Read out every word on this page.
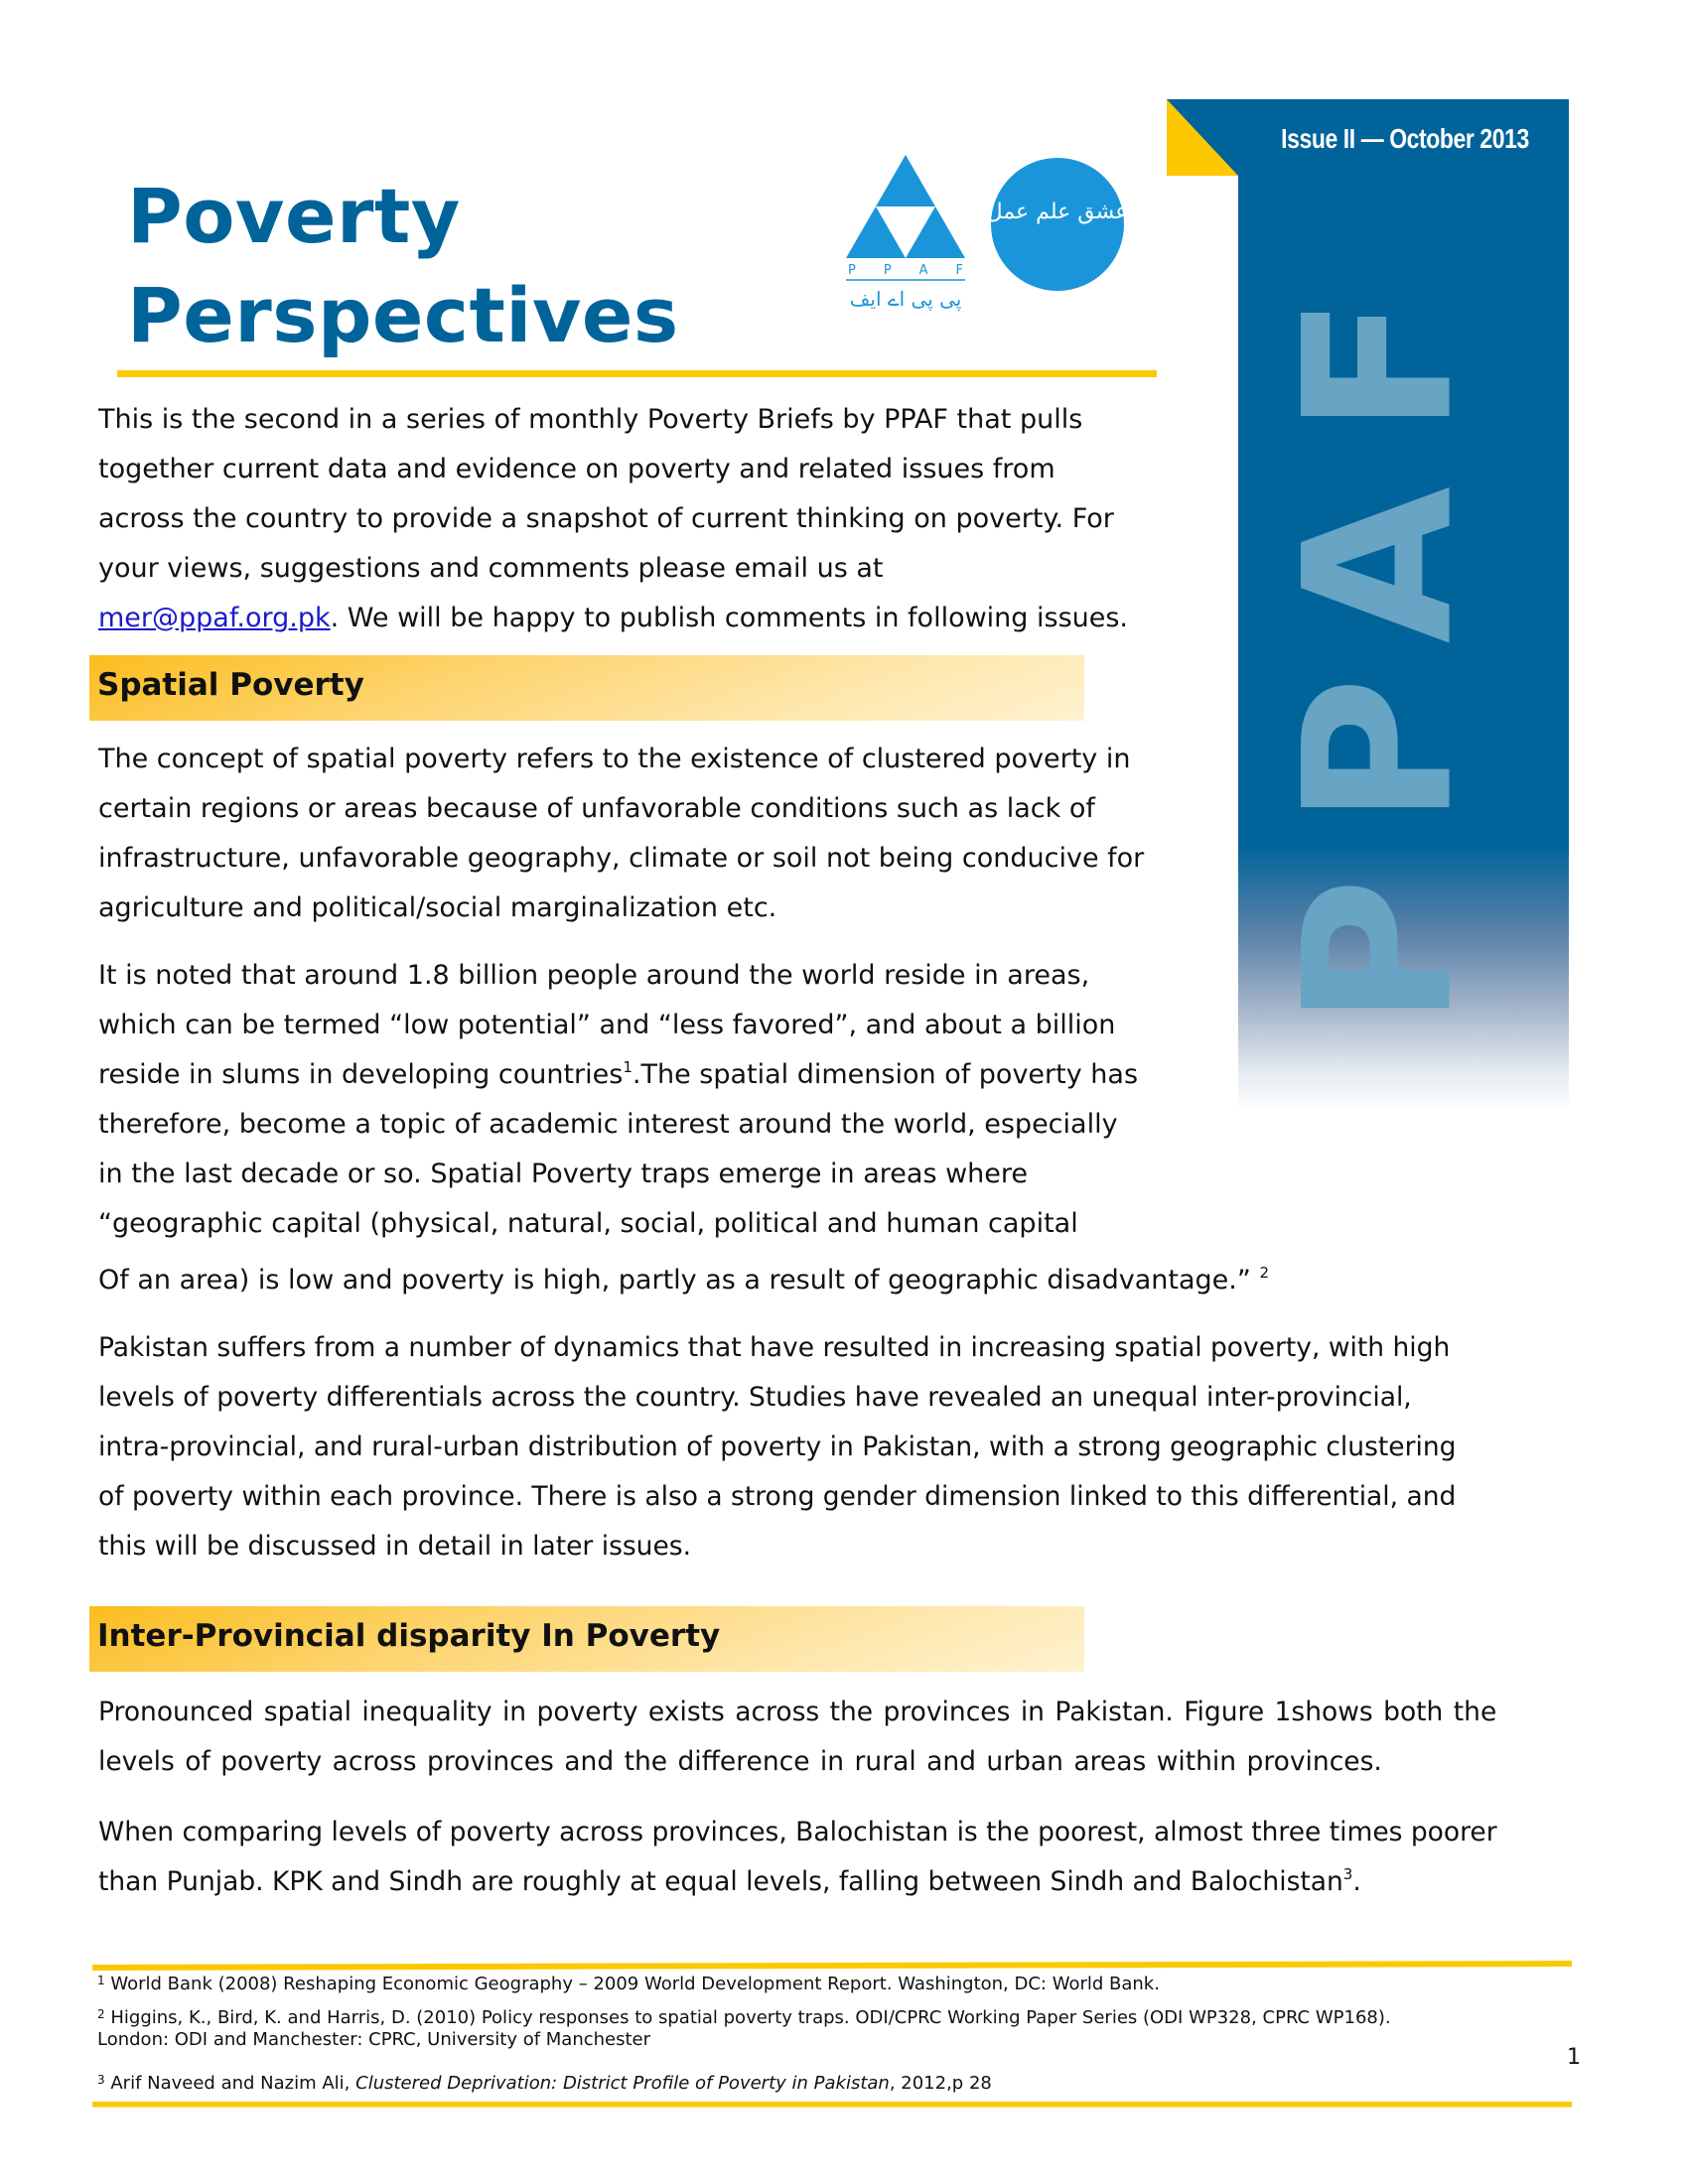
Poverty
Perspectives
P P A F
پی پی اے ایف
عشق علم عمل
Issue II — October 2013
PPAF
This is the second in a series of monthly Poverty Briefs by PPAF that pulls
together current data and evidence on poverty and related issues from
across the country to provide a snapshot of current thinking on poverty. For
your views, suggestions and comments please email us at
mer@ppaf.org.pk. We will be happy to publish comments in following issues.
Spatial Poverty
The concept of spatial poverty refers to the existence of clustered poverty in
certain regions or areas because of unfavorable conditions such as lack of
infrastructure, unfavorable geography, climate or soil not being conducive for
agriculture and political/social marginalization etc.
It is noted that around 1.8 billion people around the world reside in areas,
which can be termed “low potential” and “less favored”, and about a billion
reside in slums in developing countries$^1$.The spatial dimension of poverty has
therefore, become a topic of academic interest around the world, especially
in the last decade or so. Spatial Poverty traps emerge in areas where
“geographic capital (physical, natural, social, political and human capital
Of an area) is low and poverty is high, partly as a result of geographic disadvantage.” $^2$
Pakistan suffers from a number of dynamics that have resulted in increasing spatial poverty, with high
levels of poverty differentials across the country. Studies have revealed an unequal inter-provincial,
intra-provincial, and rural-urban distribution of poverty in Pakistan, with a strong geographic clustering
of poverty within each province. There is also a strong gender dimension linked to this differential, and
this will be discussed in detail in later issues.
Inter-Provincial disparity In Poverty
Pronounced spatial inequality in poverty exists across the provinces in Pakistan. Figure 1shows both the
levels of poverty across provinces and the difference in rural and urban areas within provinces.
When comparing levels of poverty across provinces, Balochistan is the poorest, almost three times poorer
than Punjab. KPK and Sindh are roughly at equal levels, falling between Sindh and Balochistan$^3$.
$^1$ World Bank (2008) Reshaping Economic Geography – 2009 World Development Report. Washington, DC: World Bank.
$^2$ Higgins, K., Bird, K. and Harris, D. (2010) Policy responses to spatial poverty traps. ODI/CPRC Working Paper Series (ODI WP328, CPRC WP168).
London: ODI and Manchester: CPRC, University of Manchester
1
$^3$ Arif Naveed and Nazim Ali, Clustered Deprivation: District Profile of Poverty in Pakistan, 2012,p 28
